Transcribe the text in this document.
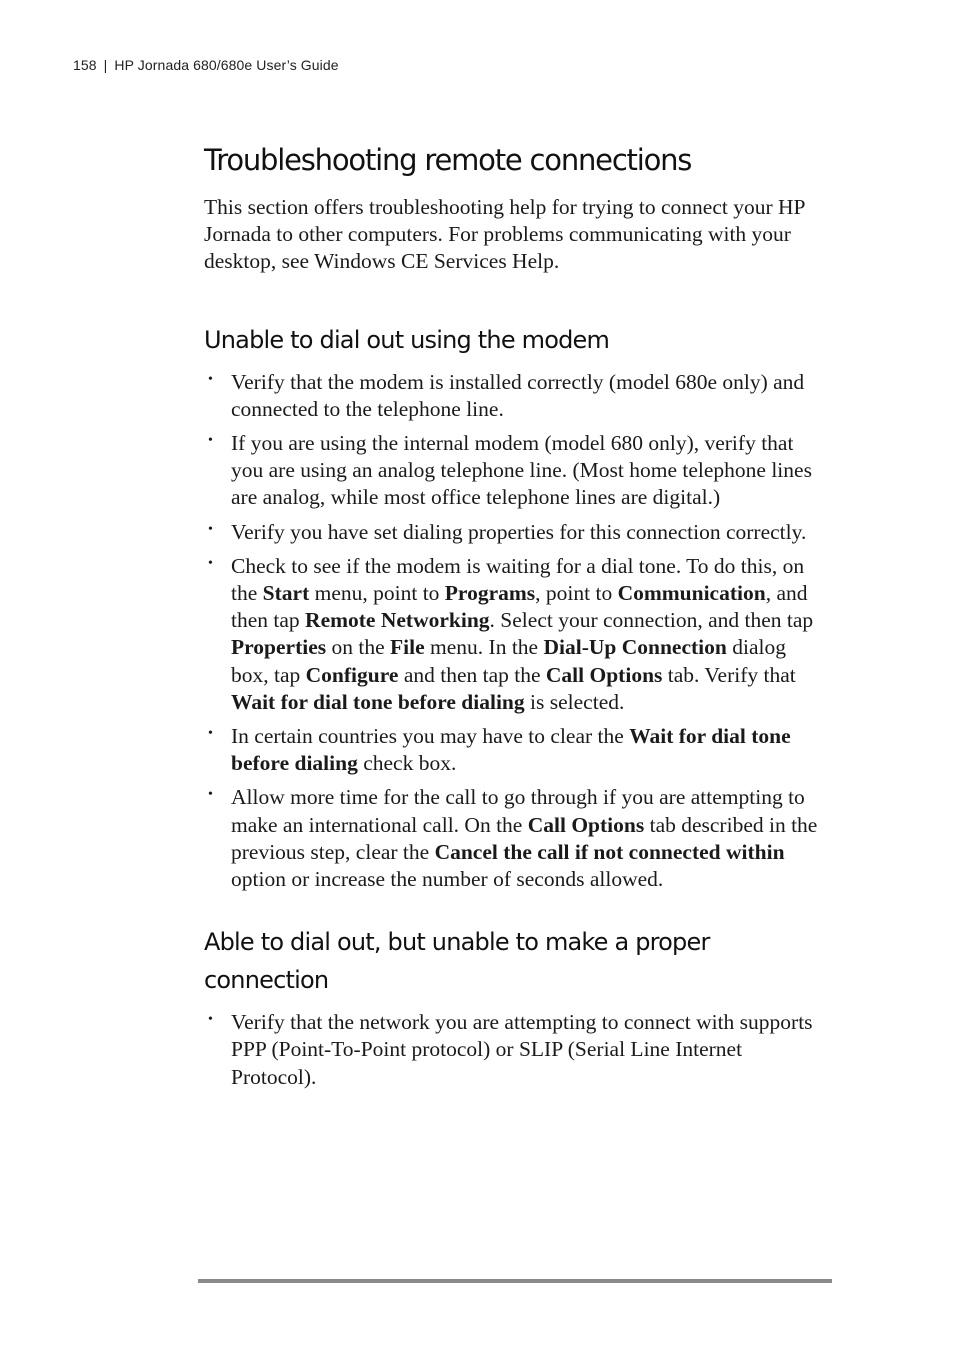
158 | HP Jornada 680/680e User’s Guide
Troubleshooting remote connections

This section offers troubleshooting help for trying to connect your HP Jornada to other computers. For problems communicating with your desktop, see Windows CE Services Help.

Unable to dial out using the modem
• Verify that the modem is installed correctly (model 680e only) and connected to the telephone line.
• If you are using the internal modem (model 680 only), verify that you are using an analog telephone line. (Most home telephone lines are analog, while most office telephone lines are digital.)
• Verify you have set dialing properties for this connection correctly.
• Check to see if the modem is waiting for a dial tone. To do this, on the Start menu, point to Programs, point to Communication, and then tap Remote Networking. Select your connection, and then tap Properties on the File menu. In the Dial-Up Connection dialog box, tap Configure and then tap the Call Options tab. Verify that Wait for dial tone before dialing is selected.
• In certain countries you may have to clear the Wait for dial tone before dialing check box.
• Allow more time for the call to go through if you are attempting to make an international call. On the Call Options tab described in the previous step, clear the Cancel the call if not connected within option or increase the number of seconds allowed.
Able to dial out, but unable to make a proper connection
• Verify that the network you are attempting to connect with supports PPP (Point-To-Point protocol) or SLIP (Serial Line Internet Protocol).
